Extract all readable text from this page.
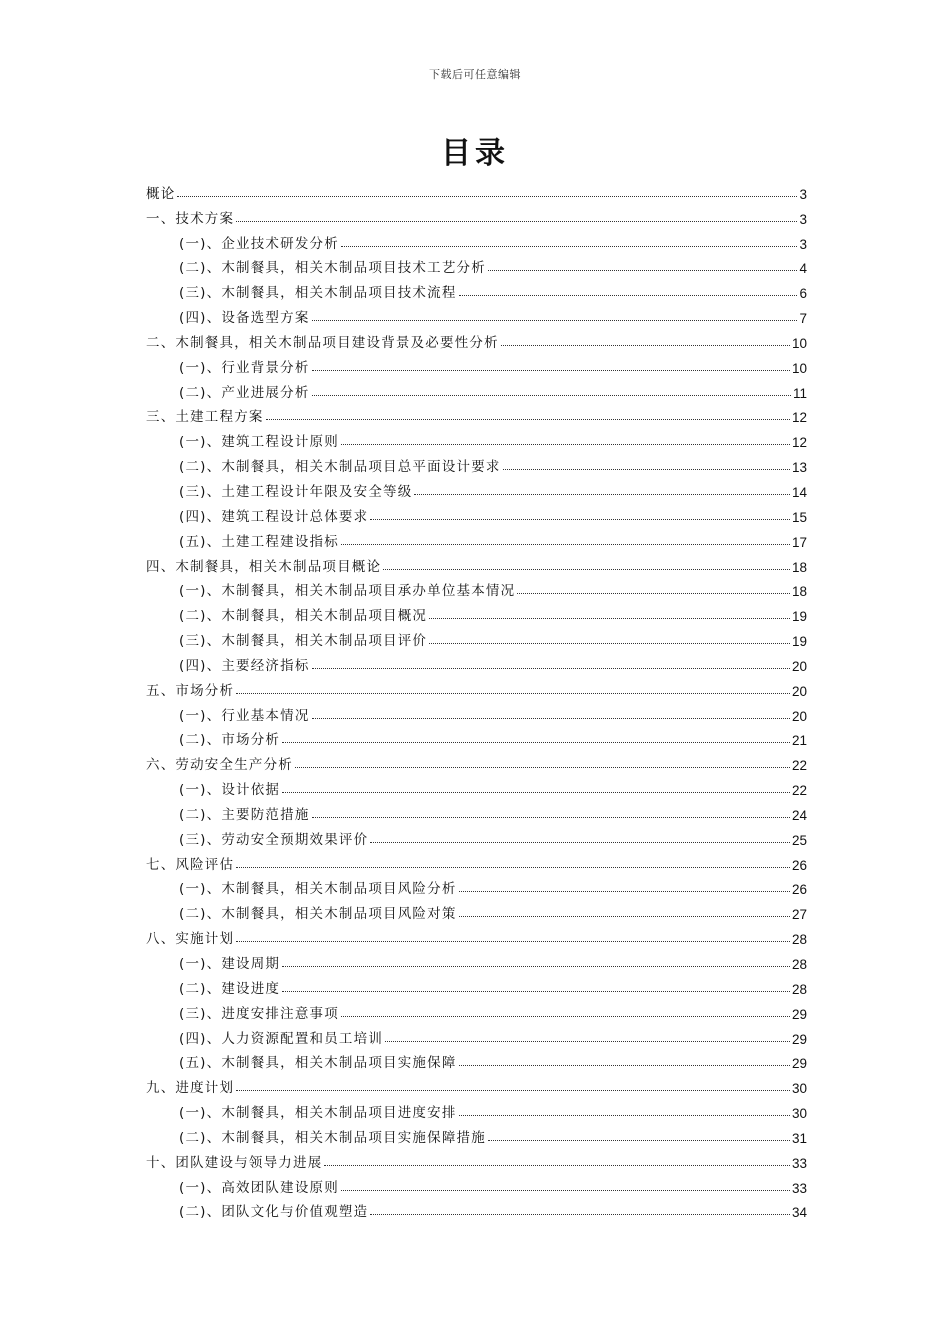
下载后可任意编辑
目录
概论	3
一、技术方案	3
(一)、企业技术研发分析	3
(二)、木制餐具，相关木制品项目技术工艺分析	4
(三)、木制餐具，相关木制品项目技术流程	6
(四)、设备选型方案	7
二、木制餐具，相关木制品项目建设背景及必要性分析	10
(一)、行业背景分析	10
(二)、产业进展分析	11
三、土建工程方案	12
(一)、建筑工程设计原则	12
(二)、木制餐具，相关木制品项目总平面设计要求	13
(三)、土建工程设计年限及安全等级	14
(四)、建筑工程设计总体要求	15
(五)、土建工程建设指标	17
四、木制餐具，相关木制品项目概论	18
(一)、木制餐具，相关木制品项目承办单位基本情况	18
(二)、木制餐具，相关木制品项目概况	19
(三)、木制餐具，相关木制品项目评价	19
(四)、主要经济指标	20
五、市场分析	20
(一)、行业基本情况	20
(二)、市场分析	21
六、劳动安全生产分析	22
(一)、设计依据	22
(二)、主要防范措施	24
(三)、劳动安全预期效果评价	25
七、风险评估	26
(一)、木制餐具，相关木制品项目风险分析	26
(二)、木制餐具，相关木制品项目风险对策	27
八、实施计划	28
(一)、建设周期	28
(二)、建设进度	28
(三)、进度安排注意事项	29
(四)、人力资源配置和员工培训	29
(五)、木制餐具，相关木制品项目实施保障	29
九、进度计划	30
(一)、木制餐具，相关木制品项目进度安排	30
(二)、木制餐具，相关木制品项目实施保障措施	31
十、团队建设与领导力进展	33
(一)、高效团队建设原则	33
(二)、团队文化与价值观塑造	34
